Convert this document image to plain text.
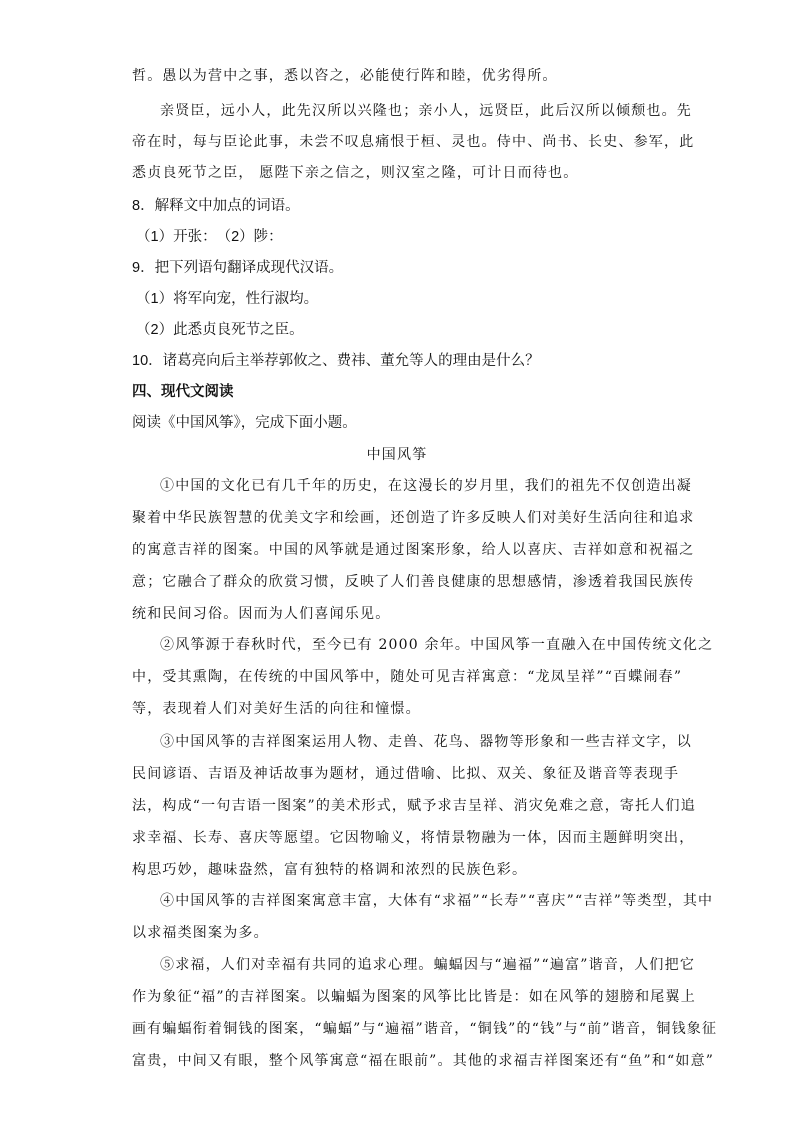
哲。愚以为营中之事，悉以咨之，必能使行阵和睦，优劣得所。
亲贤臣，远小人，此先汉所以兴隆也；亲小人，远贤臣，此后汉所以倾颓也。先
帝在时，每与臣论此事，未尝不叹息痛恨于桓、灵也。侍中、尚书、长史、参军，此
悉贞良死节之臣， 愿陛下亲之信之，则汉室之隆，可计日而待也。
8．解释文中加点的词语。
（1）开张：　（2）陟：
9．把下列语句翻译成现代汉语。
（1）将军向宠，性行淑均。
（2）此悉贞良死节之臣。
10．诸葛亮向后主举荐郭攸之、费祎、董允等人的理由是什么？
四、现代文阅读
阅读《中国风筝》，完成下面小题。
中国风筝
①中国的文化已有几千年的历史，在这漫长的岁月里，我们的祖先不仅创造出凝
聚着中华民族智慧的优美文字和绘画，还创造了许多反映人们对美好生活向往和追求
的寓意吉祥的图案。中国的风筝就是通过图案形象，给人以喜庆、吉祥如意和祝福之
意；它融合了群众的欣赏习惯，反映了人们善良健康的思想感情，渗透着我国民族传
统和民间习俗。因而为人们喜闻乐见。
②风筝源于春秋时代，至今已有 2000 余年。中国风筝一直融入在中国传统文化之
中，受其熏陶，在传统的中国风筝中，随处可见吉祥寓意：“龙凤呈祥”“百蝶闹春”
等，表现着人们对美好生活的向往和憧憬。
③中国风筝的吉祥图案运用人物、走兽、花鸟、器物等形象和一些吉祥文字，以
民间谚语、吉语及神话故事为题材，通过借喻、比拟、双关、象征及谐音等表现手
法，构成“一句吉语一图案”的美术形式，赋予求吉呈祥、消灾免难之意，寄托人们追
求幸福、长寿、喜庆等愿望。它因物喻义，将情景物融为一体，因而主题鲜明突出，
构思巧妙，趣味盎然，富有独特的格调和浓烈的民族色彩。
④中国风筝的吉祥图案寓意丰富，大体有“求福”“长寿”“喜庆”“吉祥”等类型，其中
以求福类图案为多。
⑤求福，人们对幸福有共同的追求心理。蝙蝠因与“遍福”“遍富”谐音，人们把它
作为象征“福”的吉祥图案。以蝙蝠为图案的风筝比比皆是：如在风筝的翅膀和尾翼上
画有蝙蝠衔着铜钱的图案，“蝙蝠”与“遍福”谐音，“铜钱”的“钱”与“前”谐音，铜钱象征
富贵，中间又有眼，整个风筝寓意“福在眼前”。其他的求福吉祥图案还有“鱼”和“如意”
